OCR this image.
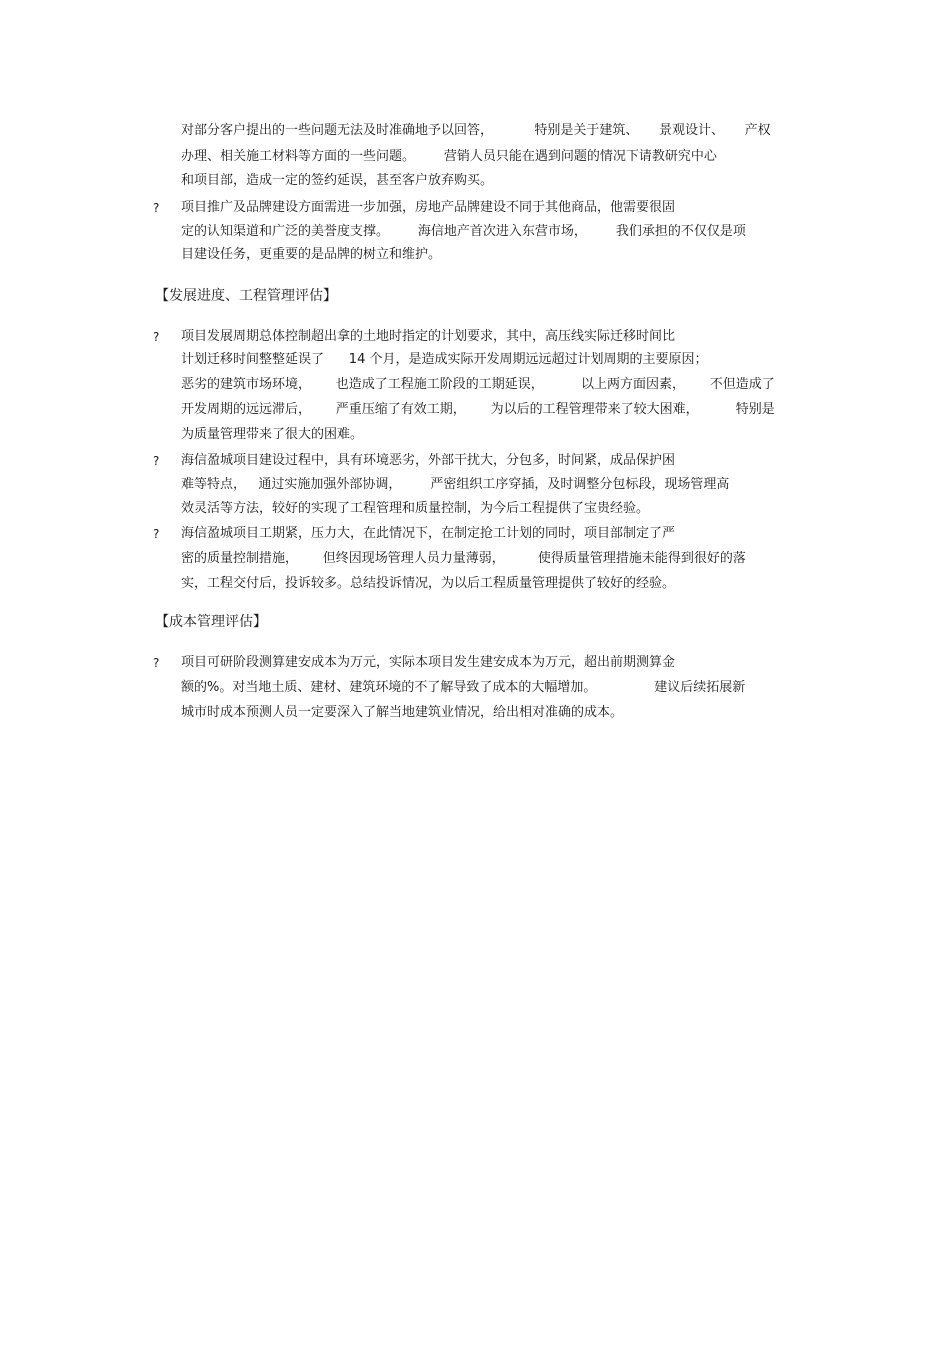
对部分客户提出的一些问题无法及时准确地予以回答，          特别是关于建筑、     景观设计、     产权
办理、相关施工材料等方面的一些问题。       营销人员只能在遇到问题的情况下请教研究中心
和项目部，造成一定的签约延误，甚至客户放弃购买。
? 项目推广及品牌建设方面需进一步加强，房地产品牌建设不同于其他商品，他需要很固
定的认知渠道和广泛的美誉度支撑。       海信地产首次进入东营市场，       我们承担的不仅仅是项
目建设任务，更重要的是品牌的树立和维护。
【发展进度、工程管理评估】
? 项目发展周期总体控制超出拿的土地时指定的计划要求，其中，高压线实际迁移时间比
计划迁移时间整整延误了      14 个月，是造成实际开发周期远远超过计划周期的主要原因；
恶劣的建筑市场环境，      也造成了工程施工阶段的工期延误，         以上两方面因素，      不但造成了
开发周期的远远滞后，      严重压缩了有效工期，      为以后的工程管理带来了较大困难，         特别是
为质量管理带来了很大的困难。
? 海信盈城项目建设过程中，具有环境恶劣，外部干扰大，分包多，时间紧，成品保护困
难等特点，   通过实施加强外部协调，       严密组织工序穿插，及时调整分包标段，现场管理高
效灵活等方法，较好的实现了工程管理和质量控制，为今后工程提供了宝贵经验。
? 海信盈城项目工期紧，压力大，在此情况下，在制定抢工计划的同时，项目部制定了严
密的质量控制措施，      但终因现场管理人员力量薄弱，        使得质量管理措施未能得到很好的落
实，工程交付后，投诉较多。总结投诉情况，为以后工程质量管理提供了较好的经验。
【成本管理评估】
? 项目可研阶段测算建安成本为万元，实际本项目发生建安成本为万元，超出前期测算金
额的%。对当地土质、建材、建筑环境的不了解导致了成本的大幅增加。              建议后续拓展新
城市时成本预测人员一定要深入了解当地建筑业情况，给出相对准确的成本。
